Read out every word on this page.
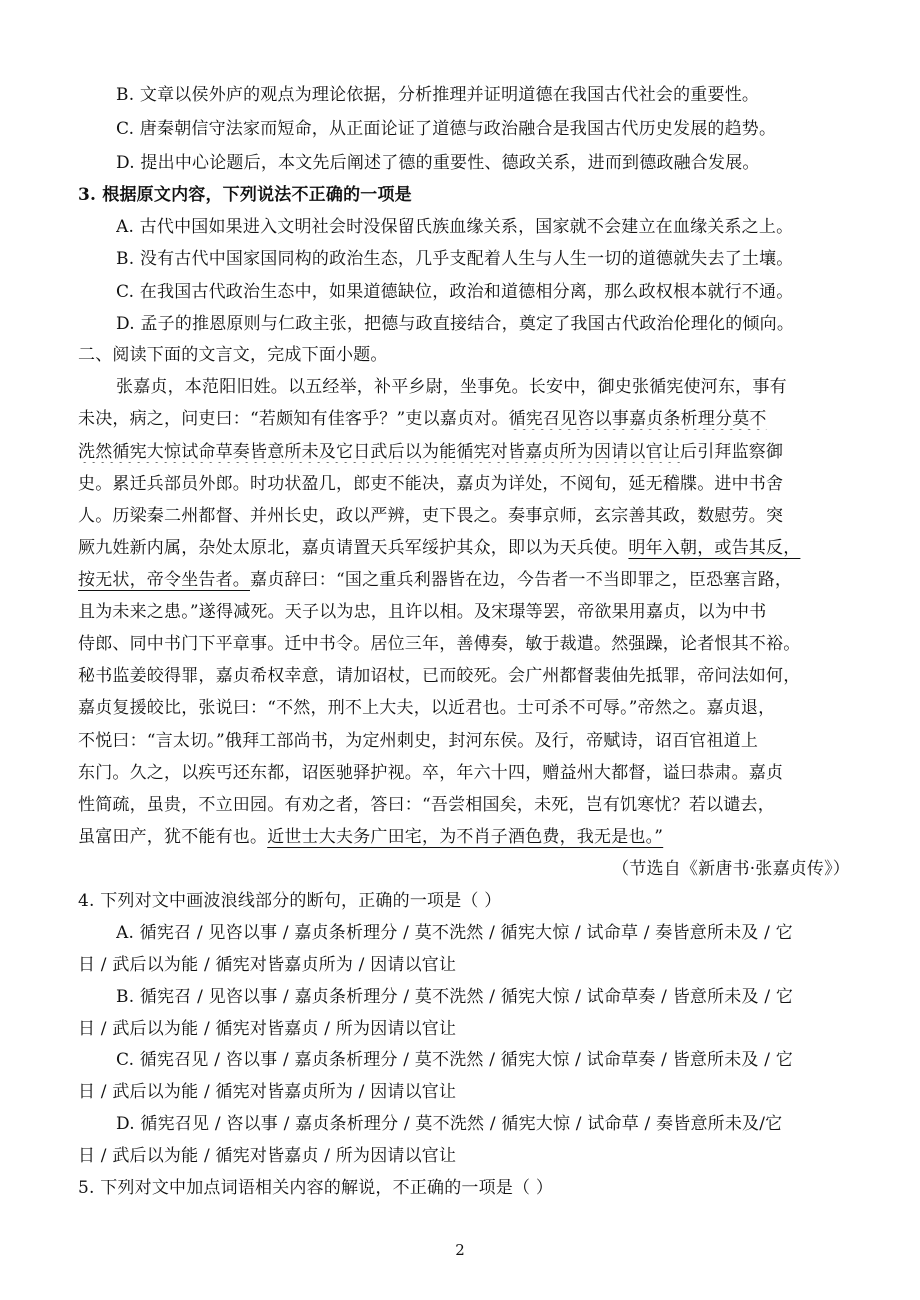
B. 文章以侯外庐的观点为理论依据，分析推理并证明道德在我国古代社会的重要性。
C. 唐秦朝信守法家而短命，从正面论证了道德与政治融合是我国古代历史发展的趋势。
D. 提出中心论题后，本文先后阐述了德的重要性、德政关系，进而到德政融合发展。
3. 根据原文内容，下列说法不正确的一项是
A. 古代中国如果进入文明社会时没保留氏族血缘关系，国家就不会建立在血缘关系之上。
B. 没有古代中国家国同构的政治生态，几乎支配着人生与人生一切的道德就失去了土壤。
C. 在我国古代政治生态中，如果道德缺位，政治和道德相分离，那么政权根本就行不通。
D. 孟子的推恩原则与仁政主张，把德与政直接结合，奠定了我国古代政治伦理化的倾向。
二、阅读下面的文言文，完成下面小题。
张嘉贞，本范阳旧姓。以五经举，补平乡尉，坐事免。长安中，御史张循宪使河东，事有
未决，病之，问吏曰：“若颇知有佳客乎？”吏以嘉贞对。循宪召见咨以事嘉贞条析理分莫不
洗然循宪大惊试命草奏皆意所未及它日武后以为能循宪对皆嘉贞所为因请以官让后引拜监察御
史。累迁兵部员外郎。时功状盈几，郎吏不能决，嘉贞为详处，不阅旬，延无稽牒。进中书舍
人。历梁秦二州都督、并州长史，政以严辨，吏下畏之。奏事京师，玄宗善其政，数慰劳。突
厥九姓新内属，杂处太原北，嘉贞请置天兵军绥护其众，即以为天兵使。明年入朝，或告其反，
按无状，帝令坐告者。嘉贞辞曰：“国之重兵利器皆在边，今告者一不当即罪之，臣恐塞言路，
且为未来之患。”遂得减死。天子以为忠，且许以相。及宋璟等罢，帝欲果用嘉贞，以为中书
侍郎、同中书门下平章事。迁中书令。居位三年，善傅奏，敏于裁遣。然强躁，论者恨其不裕。
秘书监姜皎得罪，嘉贞希权幸意，请加诏杖，已而皎死。会广州都督裴伷先抵罪，帝问法如何，
嘉贞复援皎比，张说曰：“不然，刑不上大夫，以近君也。士可杀不可辱。”帝然之。嘉贞退，
不悦曰：“言太切。”俄拜工部尚书，为定州刺史，封河东侯。及行，帝赋诗，诏百官祖道上
东门。久之，以疾丐还东都，诏医驰驿护视。卒，年六十四，赠益州大都督，谥曰恭肃。嘉贞
性简疏，虽贵，不立田园。有劝之者，答曰：“吾尝相国矣，未死，岂有饥寒忧？若以谴去，
虽富田产，犹不能有也。近世士大夫务广田宅，为不肖子酒色费，我无是也。”
（节选自《新唐书·张嘉贞传》）
4. 下列对文中画波浪线部分的断句，正确的一项是（ ）
A. 循宪召 / 见咨以事 / 嘉贞条析理分 / 莫不洗然 / 循宪大惊 / 试命草 / 奏皆意所未及 / 它
日 / 武后以为能 / 循宪对皆嘉贞所为 / 因请以官让
B. 循宪召 / 见咨以事 / 嘉贞条析理分 / 莫不洗然 / 循宪大惊 / 试命草奏 / 皆意所未及 / 它
日 / 武后以为能 / 循宪对皆嘉贞 / 所为因请以官让
C. 循宪召见 / 咨以事 / 嘉贞条析理分 / 莫不洗然 / 循宪大惊 / 试命草奏 / 皆意所未及 / 它
日 / 武后以为能 / 循宪对皆嘉贞所为 / 因请以官让
D. 循宪召见 / 咨以事 / 嘉贞条析理分 / 莫不洗然 / 循宪大惊 / 试命草 / 奏皆意所未及/它
日 / 武后以为能 / 循宪对皆嘉贞 / 所为因请以官让
5. 下列对文中加点词语相关内容的解说，不正确的一项是（ ）
2
